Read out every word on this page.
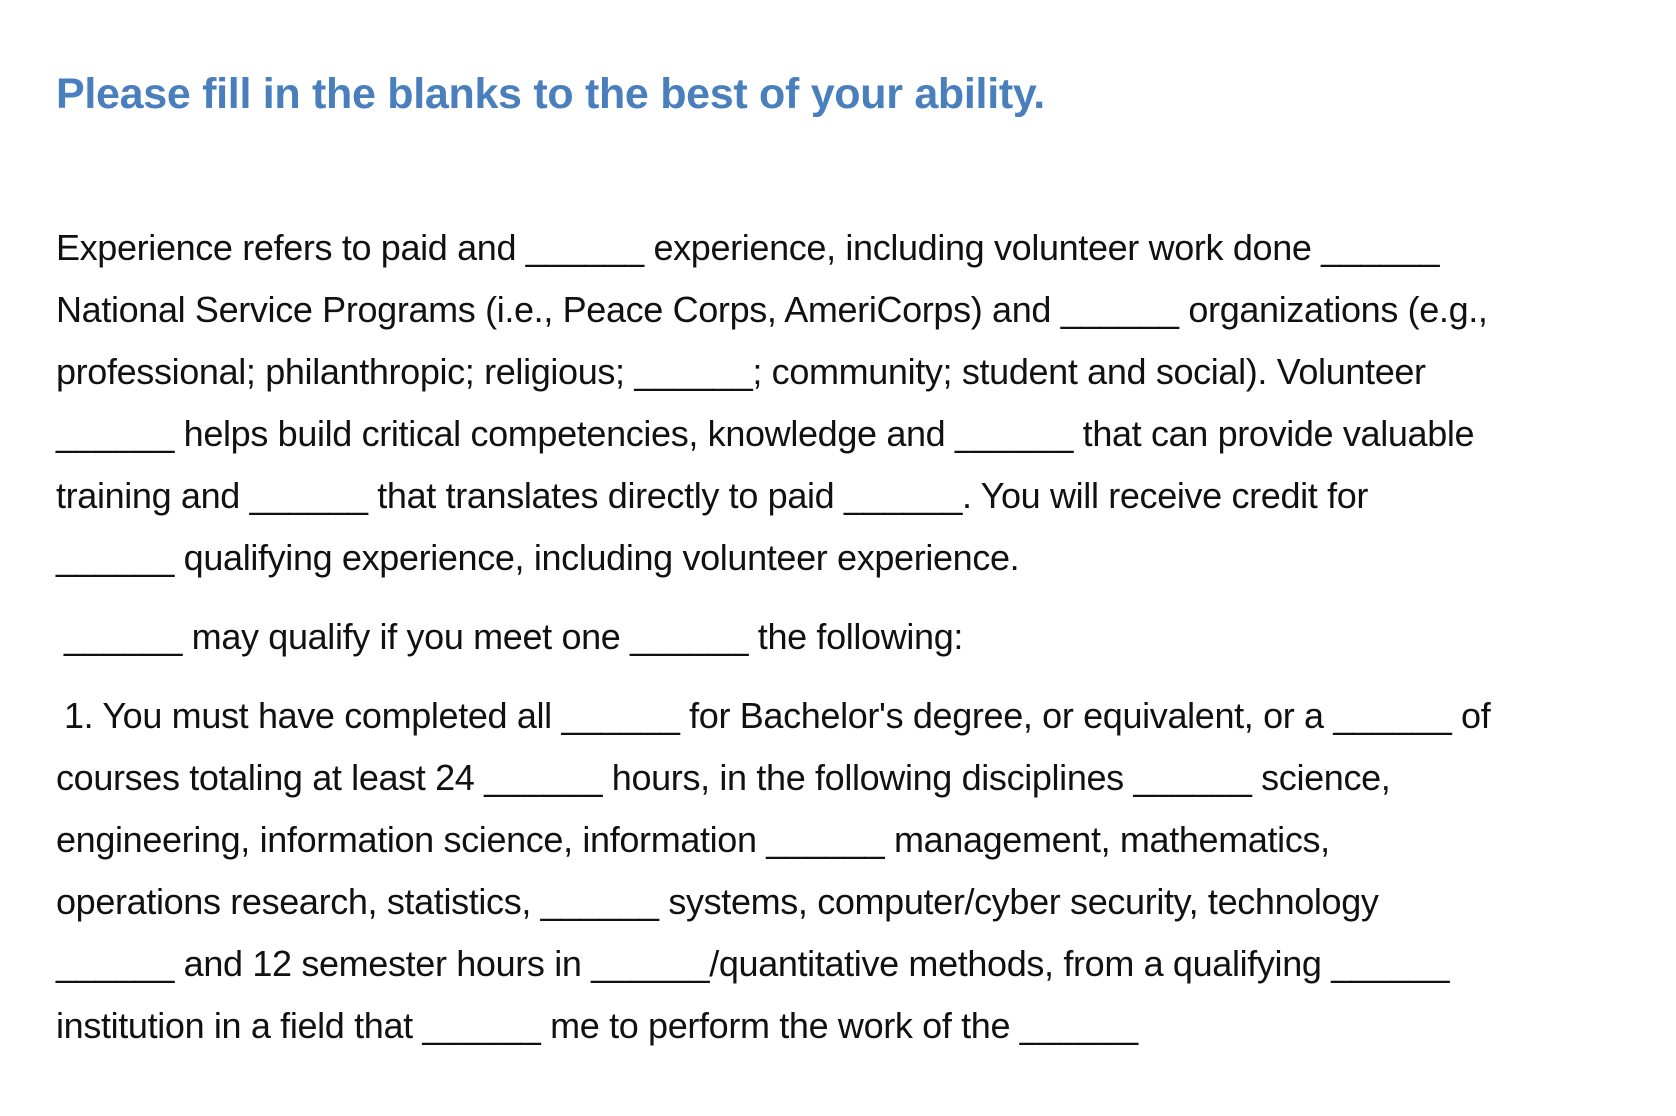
Please fill in the blanks to the best of your ability.

Experience refers to paid and ______ experience, including volunteer work done ______

National Service Programs (i.e., Peace Corps, AmeriCorps) and ______ organizations (e.g.,

professional; philanthropic; religious; ______; community; student and social). Volunteer

______ helps build critical competencies, knowledge and ______ that can provide valuable

training and ______ that translates directly to paid ______. You will receive credit for

______ qualifying experience, including volunteer experience.

______ may qualify if you meet one ______ the following:

1. You must have completed all ______ for Bachelor's degree, or equivalent, or a ______ of

courses totaling at least 24 ______ hours, in the following disciplines ______ science,

engineering, information science, information ______ management, mathematics,

operations research, statistics, ______ systems, computer/cyber security, technology

______ and 12 semester hours in ______/quantitative methods, from a qualifying ______

institution in a field that ______ me to perform the work of the ______
